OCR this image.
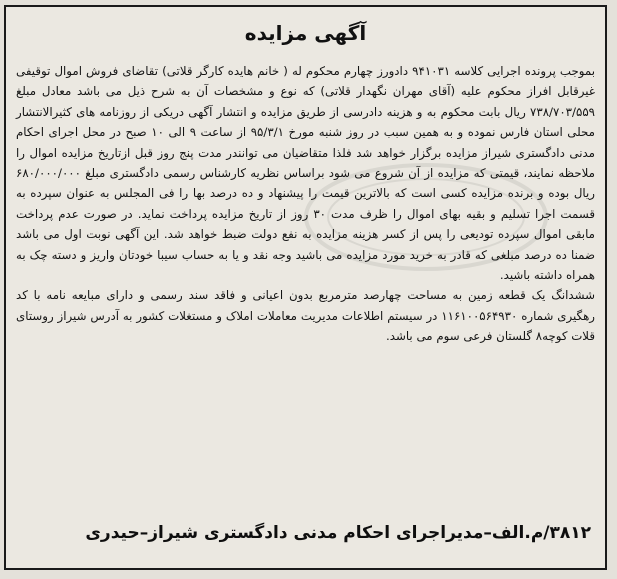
آگهی مزایده

بموجب پرونده اجرایی کلاسه ۹۴۱۰۳۱ دادورز چهارم محکوم له ( خانم هایده کارگر قلاتی) تقاضای فروش اموال توقیفی غیرقابل افراز محکوم علیه (آقای مهران نگهدار قلاتی) که نوع و مشخصات آن به شرح ذیل می باشد معادل مبلغ ۷۳۸/۷۰۳/۵۵۹ ریال بابت محکوم به و هزینه دادرسی از طریق مزایده و انتشار آگهی دریکی از روزنامه های کثیرالانتشار محلی استان فارس نموده و به همین سبب در روز شنبه مورخ ۹۵/۳/۱ از ساعت ۹ الی ۱۰ صبح در محل اجرای احکام مدنی دادگستری شیراز مزایده برگزار خواهد شد فلذا متقاضیان می توانندر مدت پنج روز قبل ازتاریخ مزایده اموال را ملاحظه نمایند، قیمتی که مزایده از آن شروع می شود براساس نظریه کارشناس رسمی دادگستری مبلغ ۶۸۰/۰۰۰/۰۰۰ ریال بوده و برنده مزایده کسی است که بالاترین قیمت را پیشنهاد و ده درصد بها را فی المجلس به عنوان سپرده به قسمت اجرا تسلیم و بقیه بهای اموال را ظرف مدت ۳۰ روز از تاریخ مزایده پرداخت نماید. در صورت عدم پرداخت مابقی اموال سپرده تودیعی را پس از کسر هزینه مزایده به نفع دولت ضبط خواهد شد. این آگهی نوبت اول می باشد ضمنا ده درصد مبلغی که قادر به خرید مورد مزایده می باشید وجه نقد و یا به حساب سیبا خودتان واریز و دسته چک به همراه داشته باشید.

ششدانگ یک قطعه زمین به مساحت چهارصد مترمربع بدون اعیانی و فاقد سند رسمی و دارای مبایعه نامه با کد رهگیری شماره ۱۱۶۱۰۰۵۶۴۹۳۰ در سیستم اطلاعات مدیریت معاملات املاک و مستغلات کشور به آدرس شیراز روستای قلات کوچه۸ گلستان فرعی سوم می باشد.

۳۸۱۲/م.الف–مدیراجرای احکام مدنی دادگستری شیراز–حیدری
